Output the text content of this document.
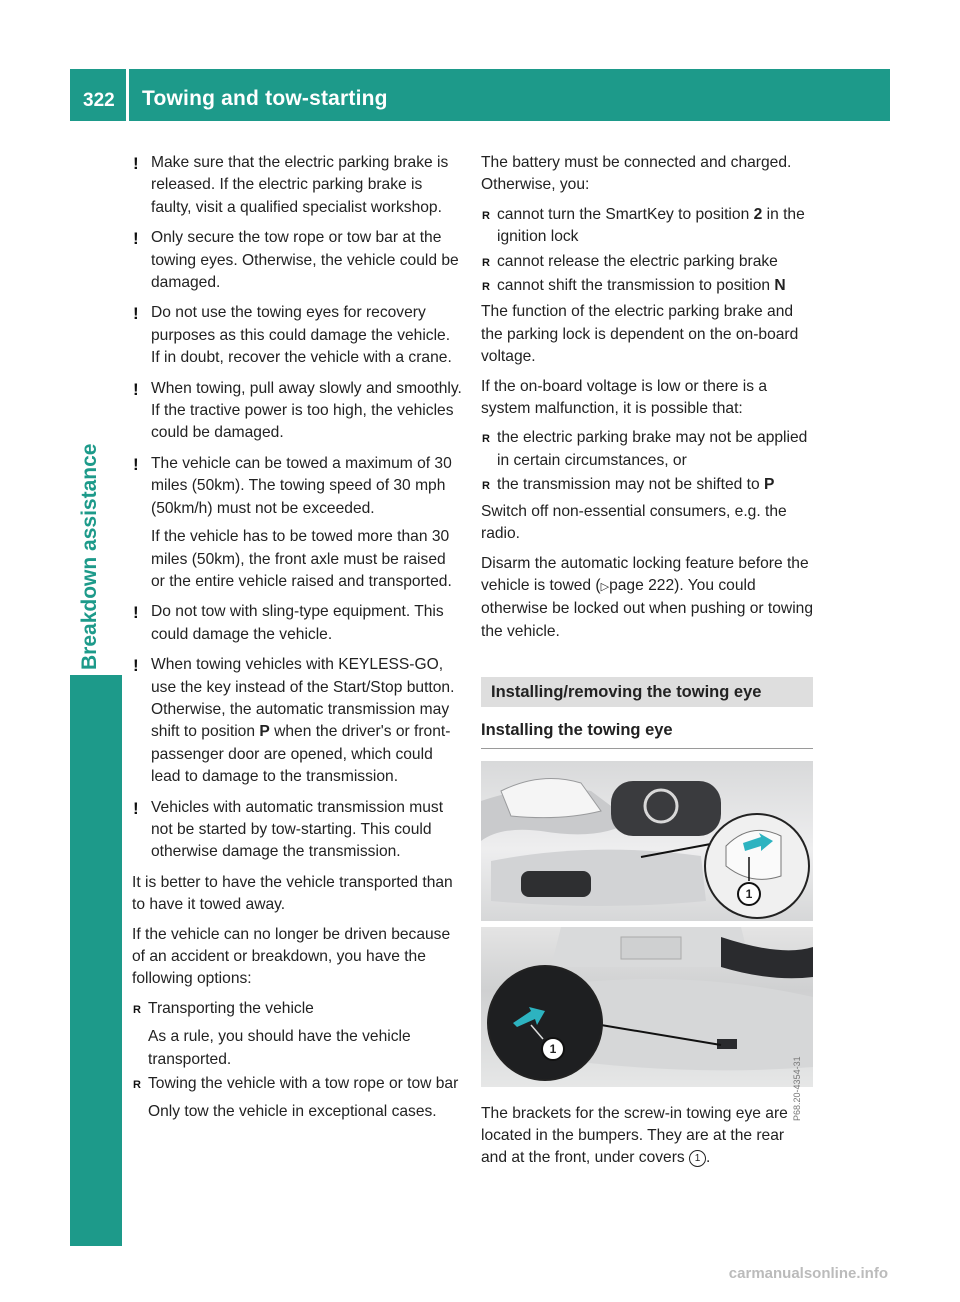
322 Towing and tow-starting
Breakdown assistance
! Make sure that the electric parking brake is released. If the electric parking brake is faulty, visit a qualified specialist workshop.
! Only secure the tow rope or tow bar at the towing eyes. Otherwise, the vehicle could be damaged.
! Do not use the towing eyes for recovery purposes as this could damage the vehicle. If in doubt, recover the vehicle with a crane.
! When towing, pull away slowly and smoothly. If the tractive power is too high, the vehicles could be damaged.
! The vehicle can be towed a maximum of 30 miles (50km). The towing speed of 30 mph (50km/h) must not be exceeded.
If the vehicle has to be towed more than 30 miles (50km), the front axle must be raised or the entire vehicle raised and transported.
! Do not tow with sling-type equipment. This could damage the vehicle.
! When towing vehicles with KEYLESS-GO, use the key instead of the Start/Stop button. Otherwise, the automatic transmission may shift to position P when the driver's or front-passenger door are opened, which could lead to damage to the transmission.
! Vehicles with automatic transmission must not be started by tow-starting. This could otherwise damage the transmission.

It is better to have the vehicle transported than to have it towed away.

If the vehicle can no longer be driven because of an accident or breakdown, you have the following options:

R Transporting the vehicle
As a rule, you should have the vehicle transported.
R Towing the vehicle with a tow rope or tow bar
Only tow the vehicle in exceptional cases.

The battery must be connected and charged. Otherwise, you:

R cannot turn the SmartKey to position 2 in the ignition lock
R cannot release the electric parking brake
R cannot shift the transmission to position N

The function of the electric parking brake and the parking lock is dependent on the on-board voltage.

If the on-board voltage is low or there is a system malfunction, it is possible that:

R the electric parking brake may not be applied in certain circumstances, or
R the transmission may not be shifted to P

Switch off non-essential consumers, e.g. the radio.

Disarm the automatic locking feature before the vehicle is towed (▷page 222). You could otherwise be locked out when pushing or towing the vehicle.

Installing/removing the towing eye
Installing the towing eye
1
1
P68.20-4354-31

The brackets for the screw-in towing eye are located in the bumpers. They are at the rear and at the front, under covers 1 .

carmanualsonline.info
